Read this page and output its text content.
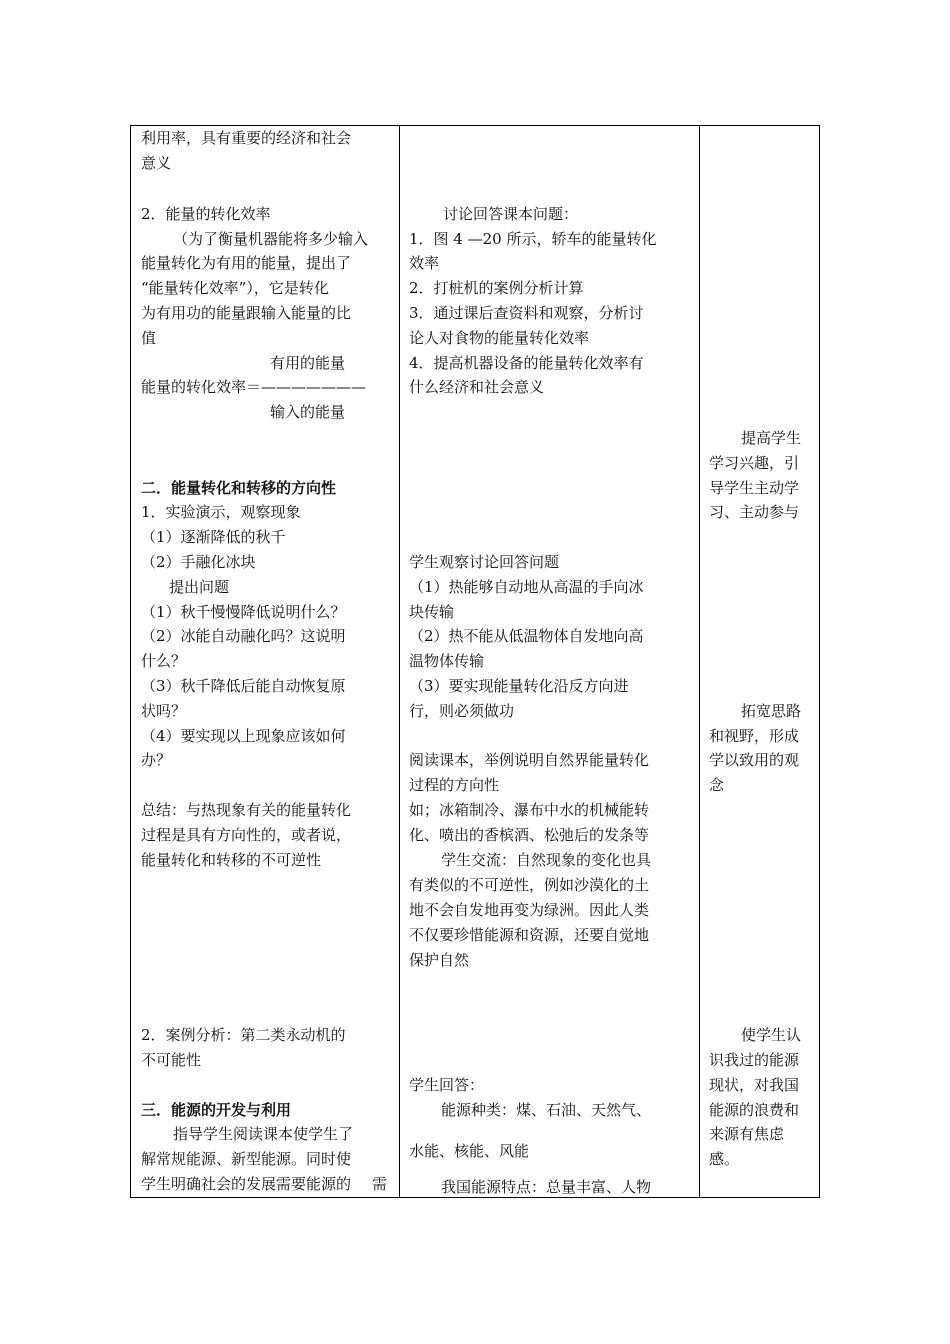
利用率，具有重要的经济和社会
意义
2．能量的转化效率
（为了衡量机器能将多少输入
能量转化为有用的能量，提出了
“能量转化效率”），它是转化
为有用功的能量跟输入能量的比
值
有用的能量
能量的转化效率＝———————
输入的能量
二．能量转化和转移的方向性
1．实验演示，观察现象
（1）逐渐降低的秋千
（2）手融化冰块
提出问题
（1）秋千慢慢降低说明什么？
（2）冰能自动融化吗？这说明
什么？
（3）秋千降低后能自动恢复原
状吗？
（4）要实现以上现象应该如何
办？
总结：与热现象有关的能量转化
过程是具有方向性的，或者说，
能量转化和转移的不可逆性
2．案例分析：第二类永动机的
不可能性
三．能源的开发与利用
指导学生阅读课本使学生了
解常规能源、新型能源。同时使
学生明确社会的发展需要能源的 需
讨论回答课本问题：
1．图 4 —20 所示，轿车的能量转化
效率
2．打桩机的案例分析计算
3．通过课后查资料和观察，分析讨
论人对食物的能量转化效率
4．提高机器设备的能量转化效率有
什么经济和社会意义
学生观察讨论回答问题
（1）热能够自动地从高温的手向冰
块传输
（2）热不能从低温物体自发地向高
温物体传输
（3）要实现能量转化沿反方向进
行，则必须做功
阅读课本，举例说明自然界能量转化
过程的方向性
如；冰箱制冷、瀑布中水的机械能转
化、喷出的香槟酒、松弛后的发条等
学生交流：自然现象的变化也具
有类似的不可逆性，例如沙漠化的土
地不会自发地再变为绿洲。因此人类
不仅要珍惜能源和资源，还要自觉地
保护自然
学生回答：
能源种类：煤、石油、天然气、
水能、核能、风能
我国能源特点：总量丰富、人物
提高学生
学习兴趣，引
导学生主动学
习、主动参与
拓宽思路
和视野，形成
学以致用的观
念
使学生认
识我过的能源
现状，对我国
能源的浪费和
来源有焦虑
感。
